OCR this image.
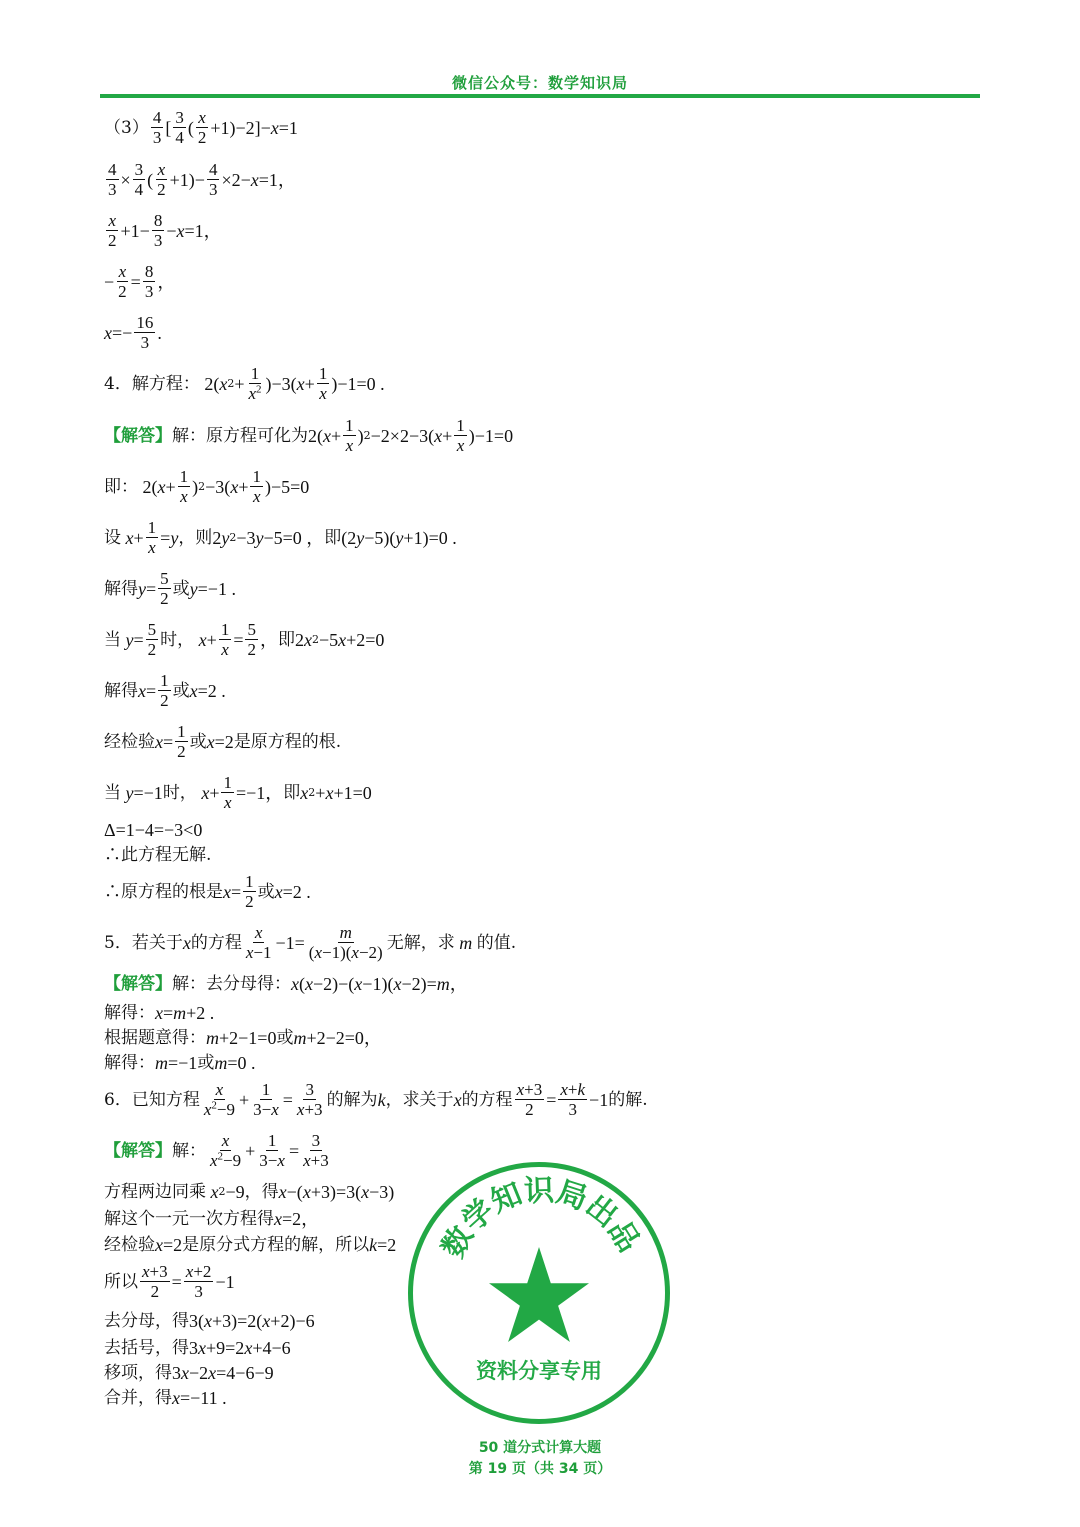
微信公众号：数学知识局
（3） 4
3 [ 3
4 ( x
2 +1)−2]− x =1
$\frac{4}{3} \times \frac{3}{4}$ ( x
$2 +1)- \frac{4}{3} \times 2- x =1$，
x
$2 +1- \frac{8}{3} - x =1$，
− $\frac{x}{2} = \frac{8}{3}$ ，
$x =- \frac{16}{3}$ .
4．解方程： 2( x $2 + \frac{1}{x^2} )-3$( $x + \frac{1}{x} )-1=0$ .
【解答】 解： 原方程可化为 2( $x + \frac{1}{x}$ ) 2 −2×2−3( $x + \frac{1}{x} )-1=0$
即： 2( $x + \frac{1}{x}$ ) 2 −3( $x + \frac{1}{x} )-5=0$
设 $x + \frac{1}{x} = y$ ，则 2 y 2 −3 y −5=0 ， 即 (2 y −5)( y +1)=0 .
解得 $y = \frac{5}{2}$ 或 y =−1 .
当 $y = \frac{5}{2}$ 时， $x + \frac{1}{x} = \frac{5}{2}$ ， 即 2 x 2 −5 x +2=0
解得 $x = \frac{1}{2}$ 或 x =2 .
经检验 $x = \frac{1}{2}$ 或 x =2 是原方程的根.
当 y =−1 时， $x + \frac{1}{x} =-1$， 即 x 2 + x +1=0
Δ=1−4=−3<0
∴此方程无解.
∴原方程的根是 $x = \frac{1}{2}$ 或 x =2 .
5．若关于 x 的方程 x
$x-1 -1= \frac{m}{(x-1)(x-2)}$ 无解，求 m 的值.
【解答】 解： 去分母得： x ( x −2)−( x −1)( x −2)= m ，
解得： x = m +2 .
根据题意得： m +2−1=0 或 m +2−2=0，
解得： m =−1 或 m =0 .
6．已知方程 x
$x^2-9 + \frac{1}{3-x} = \frac{3}{x+3}$ 的解为 k ，求关于 x 的方程 $\frac{x+3}{2} = \frac{x+k}{3} -1$ 的解.
【解答】 解： x
$x^2-9 + \frac{1}{3-x} = \frac{3}{x+3}$
方程两边同乘 x 2 −9 ，得 x −( x +3)=3( x −3)
解这个一元一次方程得 x =2，
经检验 x =2 是原分式方程的解，所以 k =2
所以 $\frac{x+3}{2} = \frac{x+2}{3} -1$
去分母，得 3( x +3)=2( x +2)−6
去括号，得 3 x +9=2 x +4−6
移项，得 3 x −2 x =4−6−9
合并，得 x =−11 .
数学知识局出品
资料分享专用
50 道分式计算大题
第 19 页（共 34 页）
